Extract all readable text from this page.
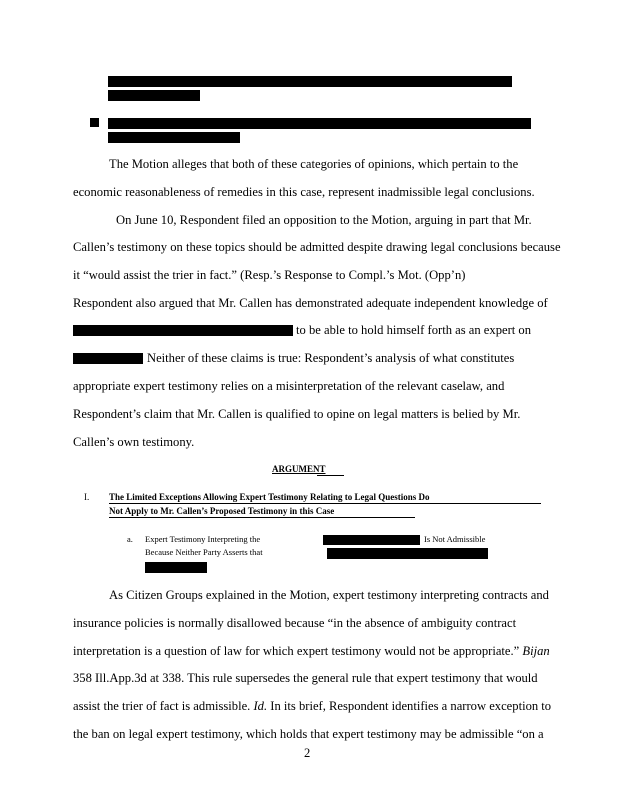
The Motion alleges that both of these categories of opinions, which pertain to the
economic reasonableness of remedies in this case, represent inadmissible legal conclusions.
On June 10, Respondent filed an opposition to the Motion, arguing in part that Mr.
Callen’s testimony on these topics should be admitted despite drawing legal conclusions because
it “would assist the trier in fact.” (Resp.’s Response to Compl.’s Mot. (Opp’n)
Respondent also argued that Mr. Callen has demonstrated adequate independent knowledge of
to be able to hold himself forth as an expert on
Neither of these claims is true: Respondent’s analysis of what constitutes
appropriate expert testimony relies on a misinterpretation of the relevant caselaw, and
Respondent’s claim that Mr. Callen is qualified to opine on legal matters is belied by Mr.
Callen’s own testimony.
ARGUMENT
I. The Limited Exceptions Allowing Expert Testimony Relating to Legal Questions Do
Not Apply to Mr. Callen’s Proposed Testimony in this Case
a. Expert Testimony Interpreting the	Is Not Admissible
Because Neither Party Asserts that
As Citizen Groups explained in the Motion, expert testimony interpreting contracts and
insurance policies is normally disallowed because “in the absence of ambiguity contract
interpretation is a question of law for which expert testimony would not be appropriate.” Bijan
358 Ill.App.3d at 338. This rule supersedes the general rule that expert testimony that would
assist the trier of fact is admissible. Id. In its brief, Respondent identifies a narrow exception to
the ban on legal expert testimony, which holds that expert testimony may be admissible “on a
2
